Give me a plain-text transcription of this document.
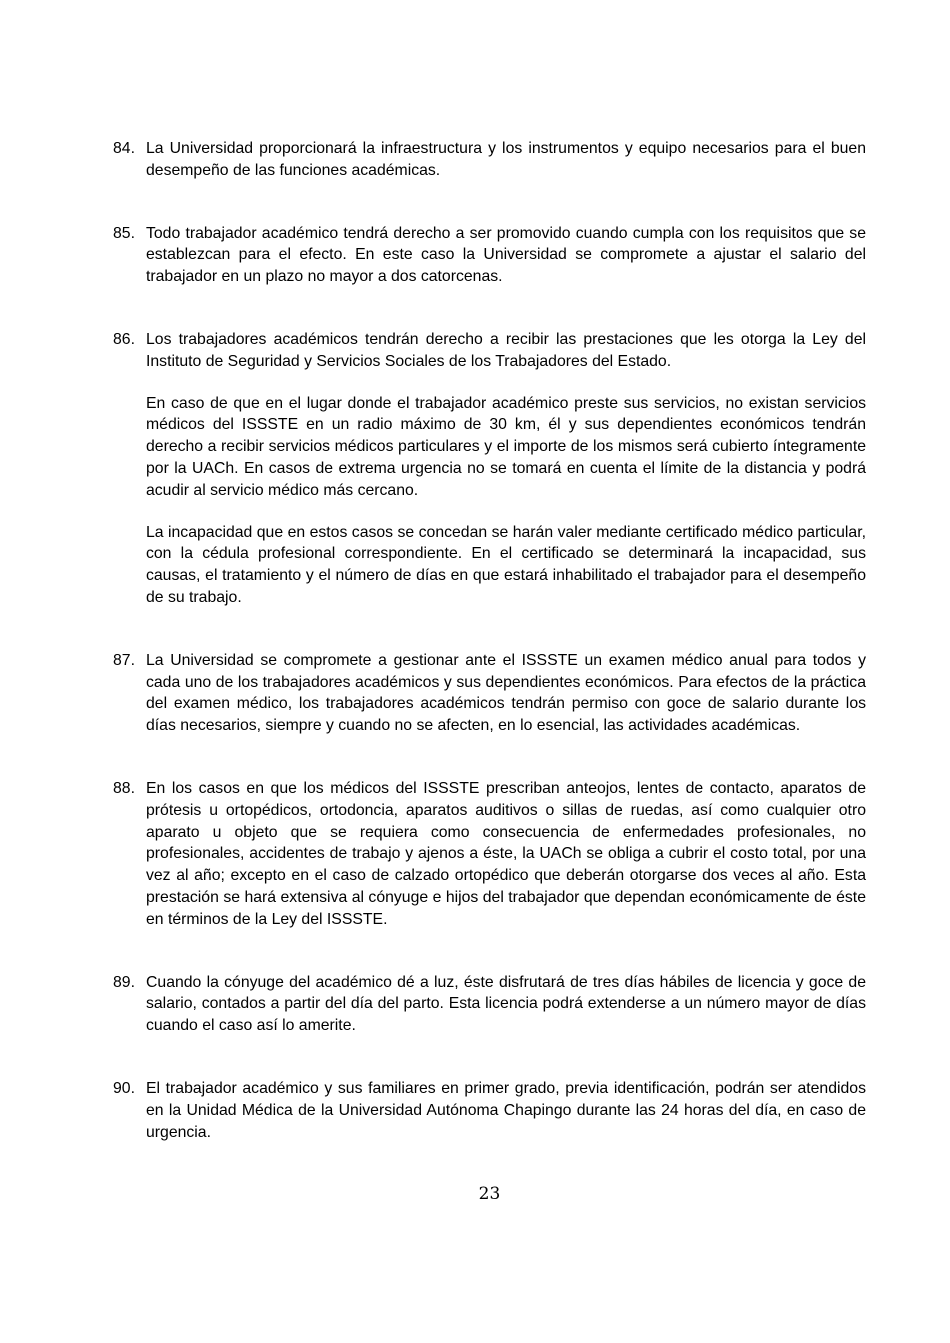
84. La Universidad proporcionará la infraestructura y los instrumentos y equipo necesarios para el buen desempeño de las funciones académicas.

85. Todo trabajador académico tendrá derecho a ser promovido cuando cumpla con los requisitos que se establezcan para el efecto. En este caso la Universidad se compromete a ajustar el salario del trabajador en un plazo no mayor a dos catorcenas.

86. Los trabajadores académicos tendrán derecho a recibir las prestaciones que les otorga la Ley del Instituto de Seguridad y Servicios Sociales de los Trabajadores del Estado.

En caso de que en el lugar donde el trabajador académico preste sus servicios, no existan servicios médicos del ISSSTE en un radio máximo de 30 km, él y sus dependientes económicos tendrán derecho a recibir servicios médicos particulares y el importe de los mismos será cubierto íntegramente por la UACh. En casos de extrema urgencia no se tomará en cuenta el límite de la distancia y podrá acudir al servicio médico más cercano.

La incapacidad que en estos casos se concedan se harán valer mediante certificado médico particular, con la cédula profesional correspondiente. En el certificado se determinará la incapacidad, sus causas, el tratamiento y el número de días en que estará inhabilitado el trabajador para el desempeño de su trabajo.

87. La Universidad se compromete a gestionar ante el ISSSTE un examen médico anual para todos y cada uno de los trabajadores académicos y sus dependientes económicos. Para efectos de la práctica del examen médico, los trabajadores académicos tendrán permiso con goce de salario durante los días necesarios, siempre y cuando no se afecten, en lo esencial, las actividades académicas.

88. En los casos en que los médicos del ISSSTE prescriban anteojos, lentes de contacto, aparatos de prótesis u ortopédicos, ortodoncia, aparatos auditivos o sillas de ruedas, así como cualquier otro aparato u objeto que se requiera como consecuencia de enfermedades profesionales, no profesionales, accidentes de trabajo y ajenos a éste, la UACh se obliga a cubrir el costo total, por una vez al año; excepto en el caso de calzado ortopédico que deberán otorgarse dos veces al año. Esta prestación se hará extensiva al cónyuge e hijos del trabajador que dependan económicamente de éste en términos de la Ley del ISSSTE.

89. Cuando la cónyuge del académico dé a luz, éste disfrutará de tres días hábiles de licencia y goce de salario, contados a partir del día del parto. Esta licencia podrá extenderse a un número mayor de días cuando el caso así lo amerite.

90. El trabajador académico y sus familiares en primer grado, previa identificación, podrán ser atendidos en la Unidad Médica de la Universidad Autónoma Chapingo durante las 24 horas del día, en caso de urgencia.

23
